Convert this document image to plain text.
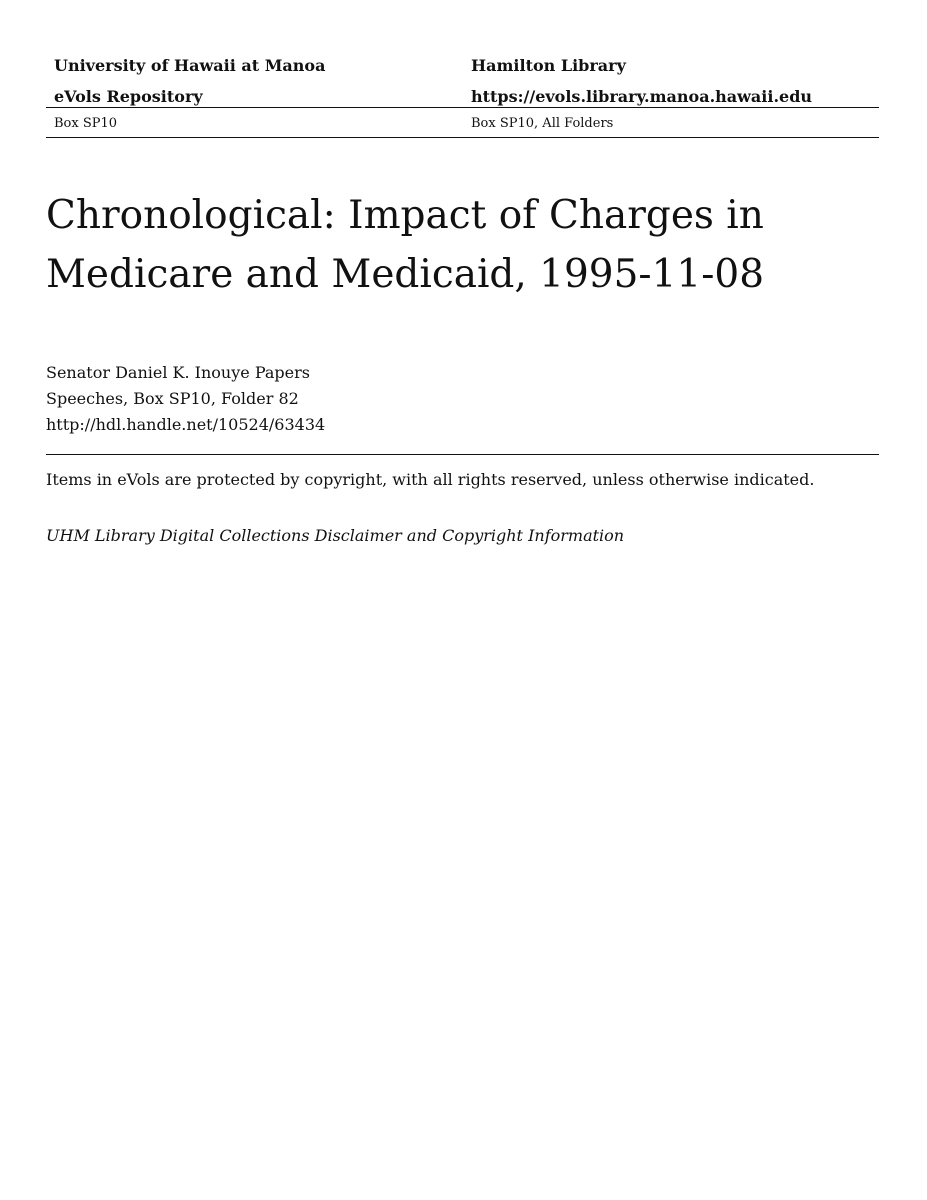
University of Hawaii at Manoa	Hamilton Library
eVols Repository	https://evols.library.manoa.hawaii.edu
Box SP10	Box SP10, All Folders
Chronological: Impact of Charges in Medicare and Medicaid, 1995-11-08
Senator Daniel K. Inouye Papers
Speeches, Box SP10, Folder 82
http://hdl.handle.net/10524/63434
Items in eVols are protected by copyright, with all rights reserved, unless otherwise indicated.
UHM Library Digital Collections Disclaimer and Copyright Information
